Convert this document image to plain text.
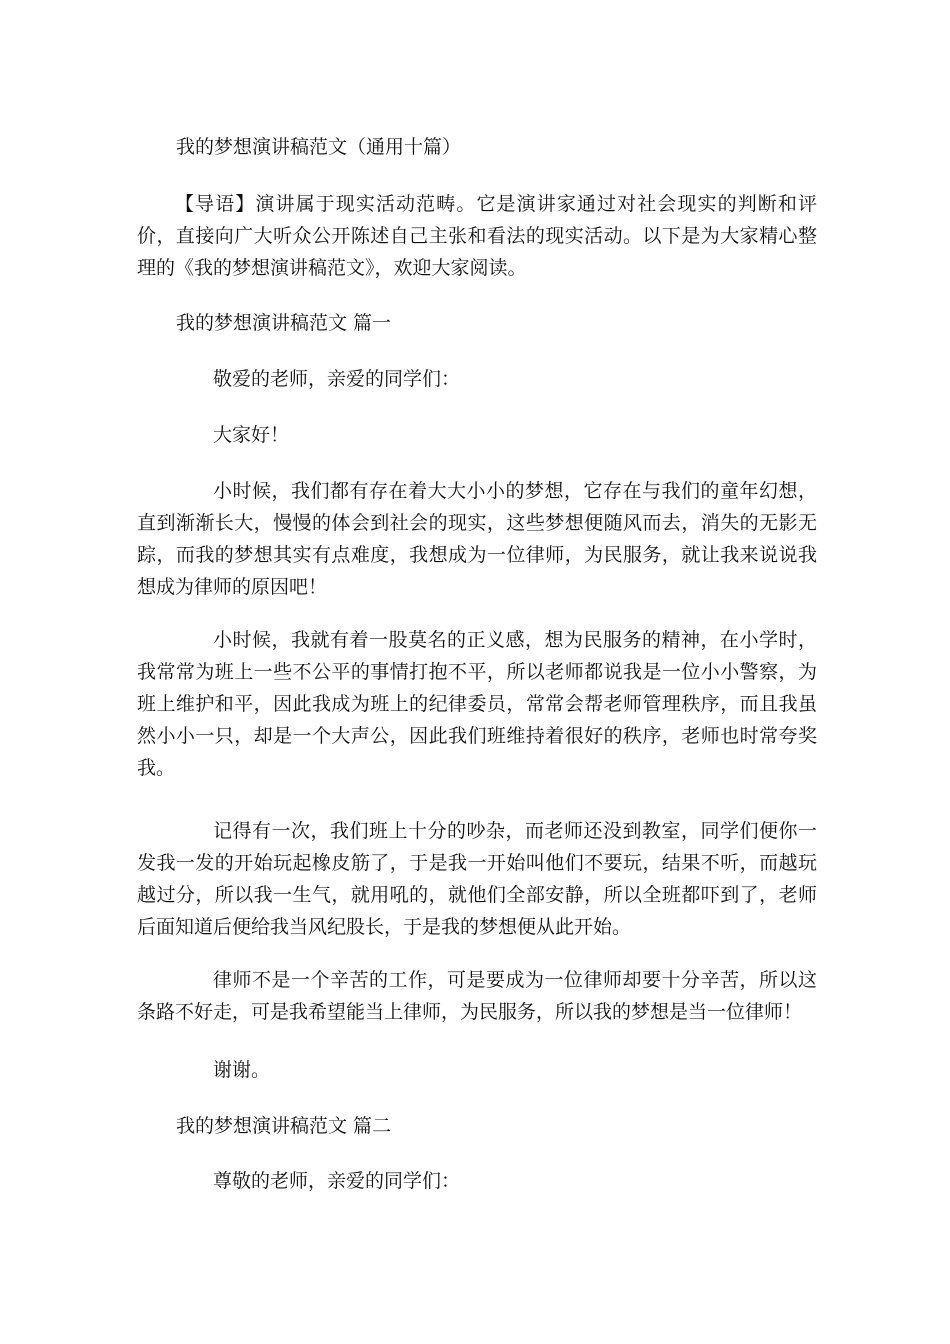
我的梦想演讲稿范文（通用十篇）
【导语】演讲属于现实活动范畴。它是演讲家通过对社会现实的判断和评价，直接向广大听众公开陈述自己主张和看法的现实活动。以下是为大家精心整理的《我的梦想演讲稿范文》，欢迎大家阅读。
我的梦想演讲稿范文 篇一
敬爱的老师，亲爱的同学们：
大家好！
小时候，我们都有存在着大大小小的梦想，它存在与我们的童年幻想，直到渐渐长大，慢慢的体会到社会的现实，这些梦想便随风而去，消失的无影无踪，而我的梦想其实有点难度，我想成为一位律师，为民服务，就让我来说说我想成为律师的原因吧！
小时候，我就有着一股莫名的正义感，想为民服务的精神，在小学时，我常常为班上一些不公平的事情打抱不平，所以老师都说我是一位小小警察，为班上维护和平，因此我成为班上的纪律委员，常常会帮老师管理秩序，而且我虽然小小一只，却是一个大声公，因此我们班维持着很好的秩序，老师也时常夸奖我。
记得有一次，我们班上十分的吵杂，而老师还没到教室，同学们便你一发我一发的开始玩起橡皮筋了，于是我一开始叫他们不要玩，结果不听，而越玩越过分，所以我一生气，就用吼的，就他们全部安静，所以全班都吓到了，老师后面知道后便给我当风纪股长，于是我的梦想便从此开始。
律师不是一个辛苦的工作，可是要成为一位律师却要十分辛苦，所以这条路不好走，可是我希望能当上律师，为民服务，所以我的梦想是当一位律师！
谢谢。
我的梦想演讲稿范文 篇二
尊敬的老师，亲爱的同学们：
